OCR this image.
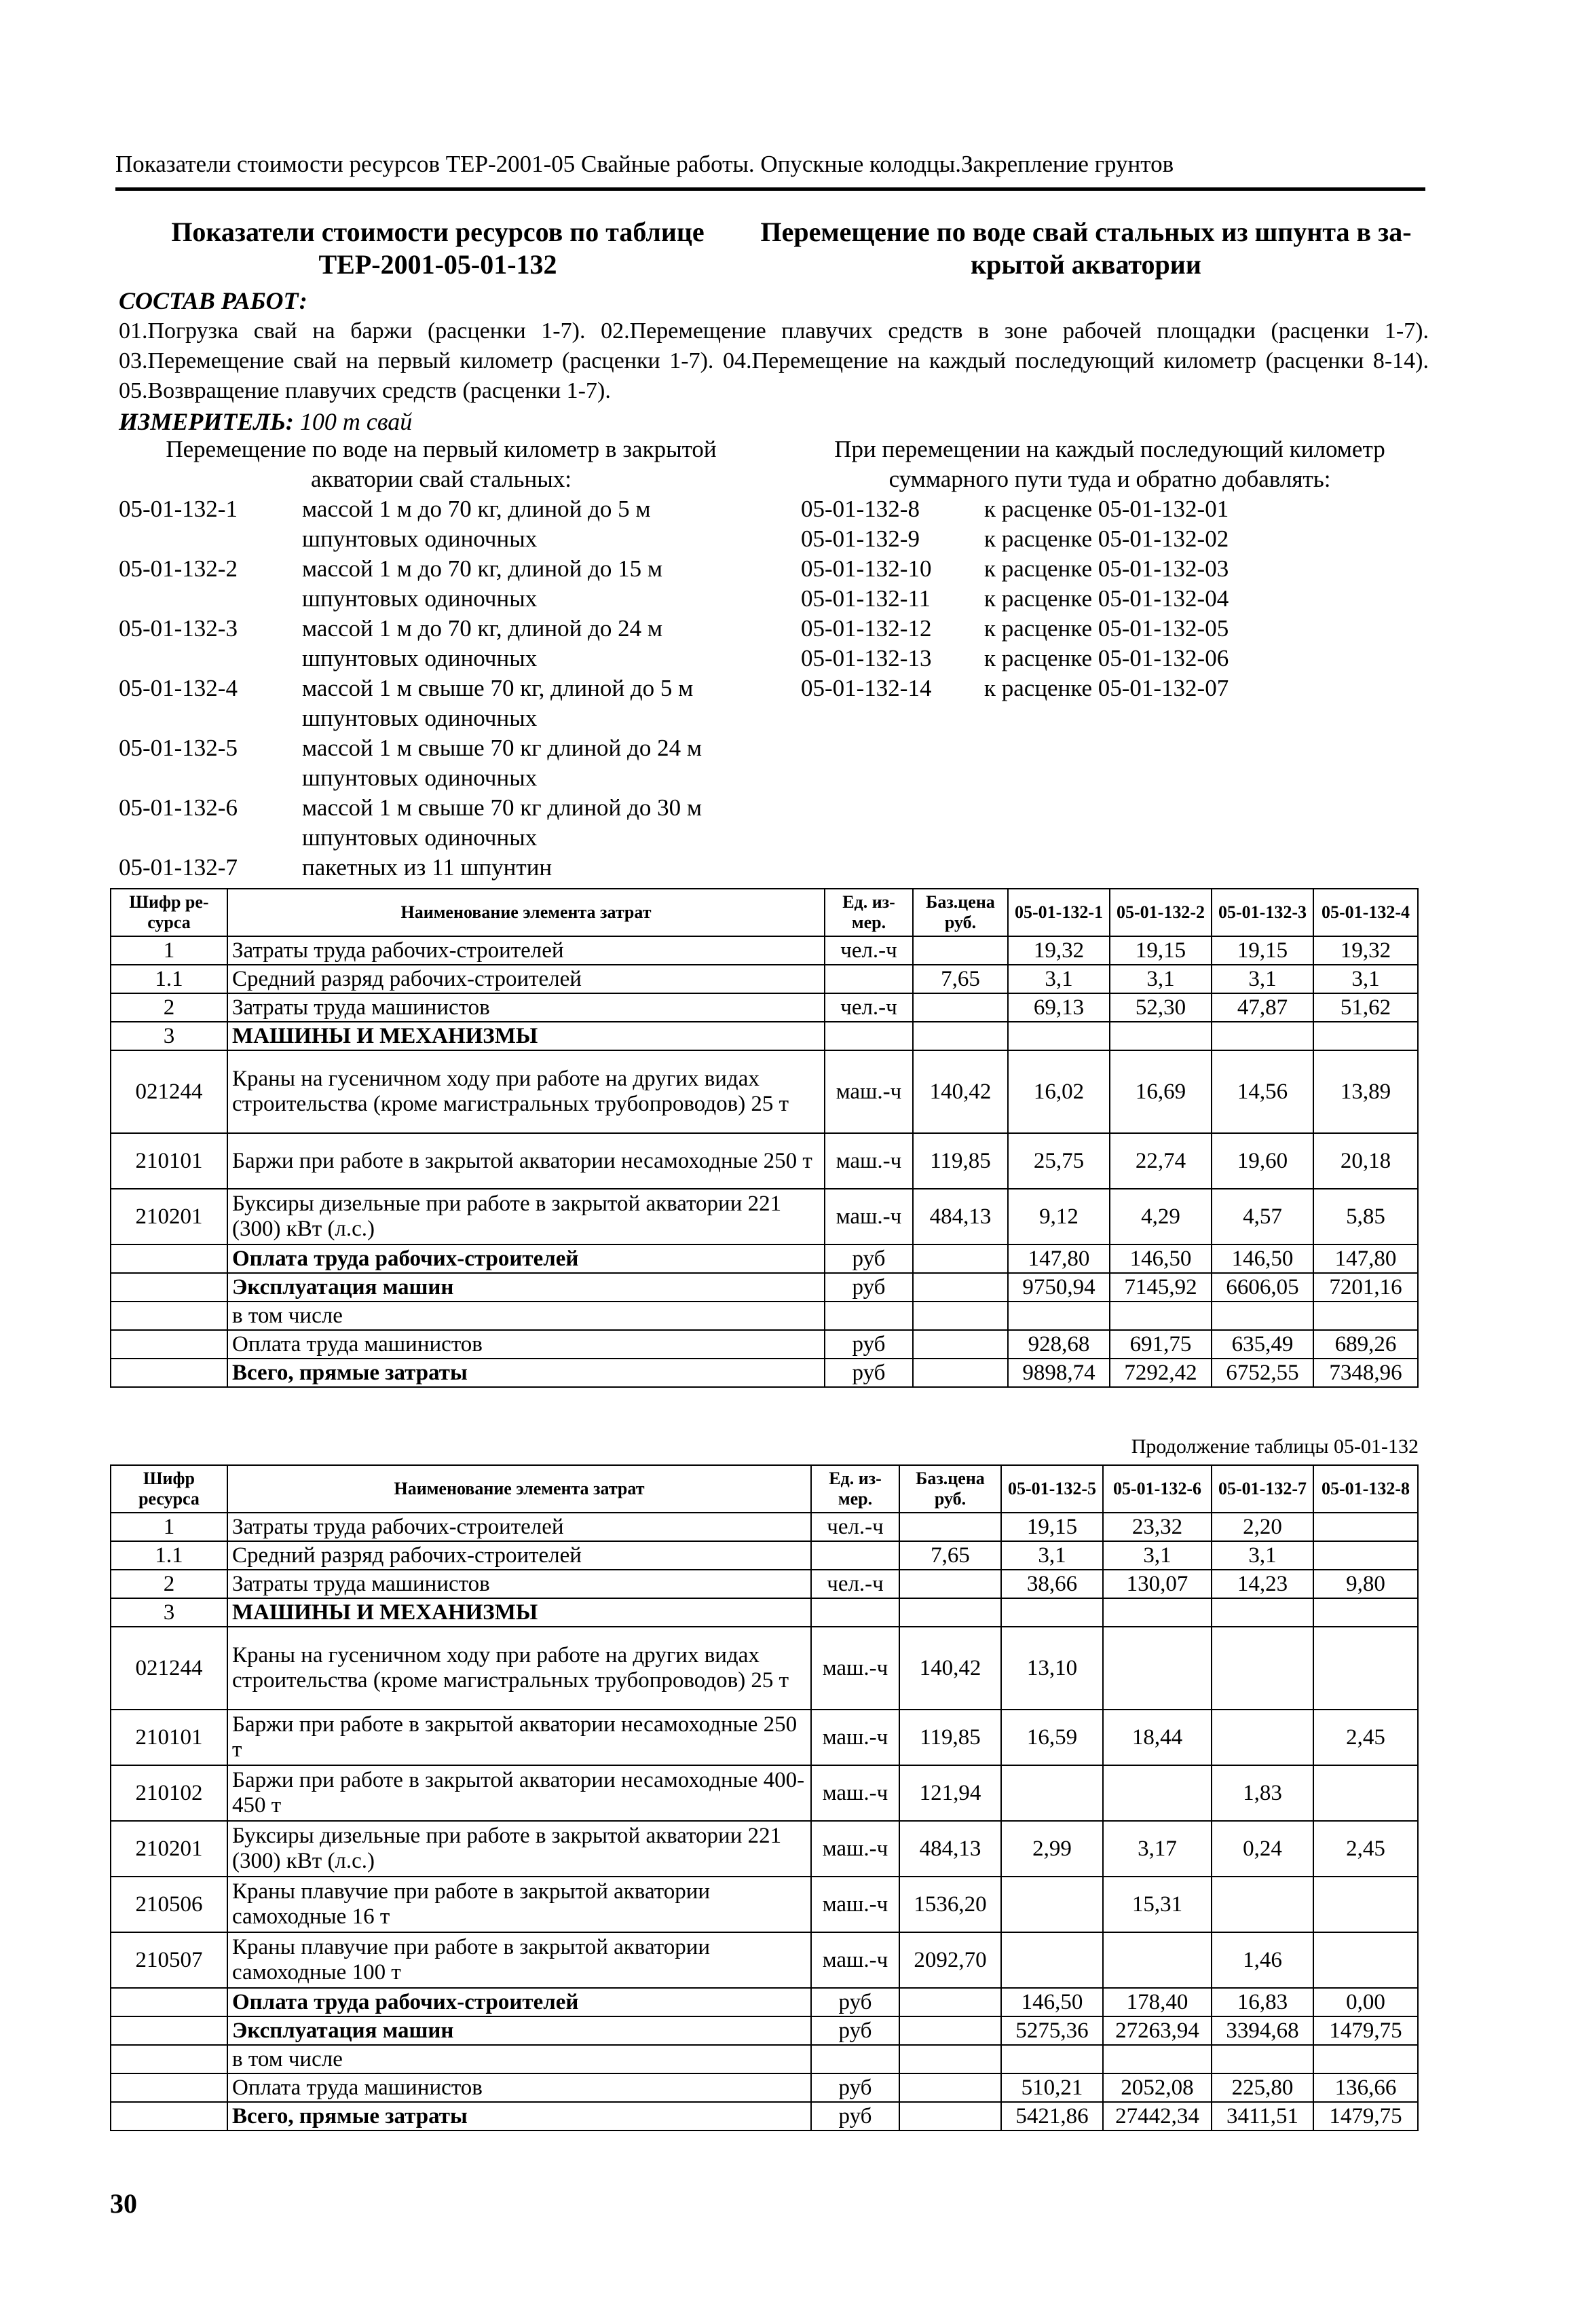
Показатели стоимости ресурсов ТЕР-2001-05 Свайные работы. Опускные колодцы.Закрепление грунтов
Показатели стоимости ресурсов по таблице
ТЕР-2001-05-01-132
Перемещение по воде свай стальных из шпунта в за-
крытой акватории
СОСТАВ РАБОТ:
01.Погрузка свай на баржи (расценки 1-7). 02.Перемещение плавучих средств в зоне рабочей площадки (расценки 1-7). 03.Перемещение свай на первый километр (расценки 1-7). 04.Перемещение на каждый последующий километр (расценки 8-14). 05.Возвращение плавучих средств (расценки 1-7).
ИЗМЕРИТЕЛЬ: 100 т свай
Перемещение по воде на первый километр в закрытой акватории свай стальных:
При перемещении на каждый последующий километр суммарного пути туда и обратно добавлять:
05-01-132-1	массой 1 м до 70 кг, длиной до 5 м шпунтовых одиночных
05-01-132-2	массой 1 м до 70 кг, длиной до 15 м шпунтовых одиночных
05-01-132-3	массой 1 м до 70 кг, длиной до 24 м шпунтовых одиночных
05-01-132-4	массой 1 м свыше 70 кг, длиной до 5 м шпунтовых одиночных
05-01-132-5	массой 1 м свыше 70 кг длиной до 24 м шпунтовых одиночных
05-01-132-6	массой 1 м свыше 70 кг длиной до 30 м шпунтовых одиночных
05-01-132-7	пакетных из 11 шпунтин
05-01-132-8	к расценке 05-01-132-01
05-01-132-9	к расценке 05-01-132-02
05-01-132-10	к расценке 05-01-132-03
05-01-132-11	к расценке 05-01-132-04
05-01-132-12	к расценке 05-01-132-05
05-01-132-13	к расценке 05-01-132-06
05-01-132-14	к расценке 05-01-132-07
Шифр ре-сурса	Наименование элемента затрат	Ед. из-мер.	Баз.цена руб.	05-01-132-1	05-01-132-2	05-01-132-3	05-01-132-4
1	Затраты труда рабочих-строителей	чел.-ч		19,32	19,15	19,15	19,32
1.1	Средний разряд рабочих-строителей		7,65	3,1	3,1	3,1	3,1
2	Затраты труда машинистов	чел.-ч		69,13	52,30	47,87	51,62
3	МАШИНЫ И МЕХАНИЗМЫ						
021244	Краны на гусеничном ходу при работе на других видах строительства (кроме магистральных трубопроводов) 25 т	маш.-ч	140,42	16,02	16,69	14,56	13,89
210101	Баржи при работе в закрытой акватории несамоходные 250 т	маш.-ч	119,85	25,75	22,74	19,60	20,18
210201	Буксиры дизельные при работе в закрытой акватории 221 (300) кВт (л.с.)	маш.-ч	484,13	9,12	4,29	4,57	5,85
	Оплата труда рабочих-строителей	руб		147,80	146,50	146,50	147,80
	Эксплуатация машин	руб		9750,94	7145,92	6606,05	7201,16
	в том числе						
	Оплата труда машинистов	руб		928,68	691,75	635,49	689,26
	Всего, прямые затраты	руб		9898,74	7292,42	6752,55	7348,96
Продолжение таблицы 05-01-132
Шифр ресурса	Наименование элемента затрат	Ед. из-мер.	Баз.цена руб.	05-01-132-5	05-01-132-6	05-01-132-7	05-01-132-8
1	Затраты труда рабочих-строителей	чел.-ч		19,15	23,32	2,20	
1.1	Средний разряд рабочих-строителей		7,65	3,1	3,1	3,1	
2	Затраты труда машинистов	чел.-ч		38,66	130,07	14,23	9,80
3	МАШИНЫ И МЕХАНИЗМЫ						
021244	Краны на гусеничном ходу при работе на других видах строительства (кроме магистральных трубопроводов) 25 т	маш.-ч	140,42	13,10			
210101	Баржи при работе в закрытой акватории несамоходные 250 т	маш.-ч	119,85	16,59	18,44		2,45
210102	Баржи при работе в закрытой акватории несамоходные 400-450 т	маш.-ч	121,94			1,83	
210201	Буксиры дизельные при работе в закрытой акватории 221 (300) кВт (л.с.)	маш.-ч	484,13	2,99	3,17	0,24	2,45
210506	Краны плавучие при работе в закрытой акватории самоходные 16 т	маш.-ч	1536,20		15,31		
210507	Краны плавучие при работе в закрытой акватории самоходные 100 т	маш.-ч	2092,70			1,46	
	Оплата труда рабочих-строителей	руб		146,50	178,40	16,83	0,00
	Эксплуатация машин	руб		5275,36	27263,94	3394,68	1479,75
	в том числе						
	Оплата труда машинистов	руб		510,21	2052,08	225,80	136,66
	Всего, прямые затраты	руб		5421,86	27442,34	3411,51	1479,75
30
